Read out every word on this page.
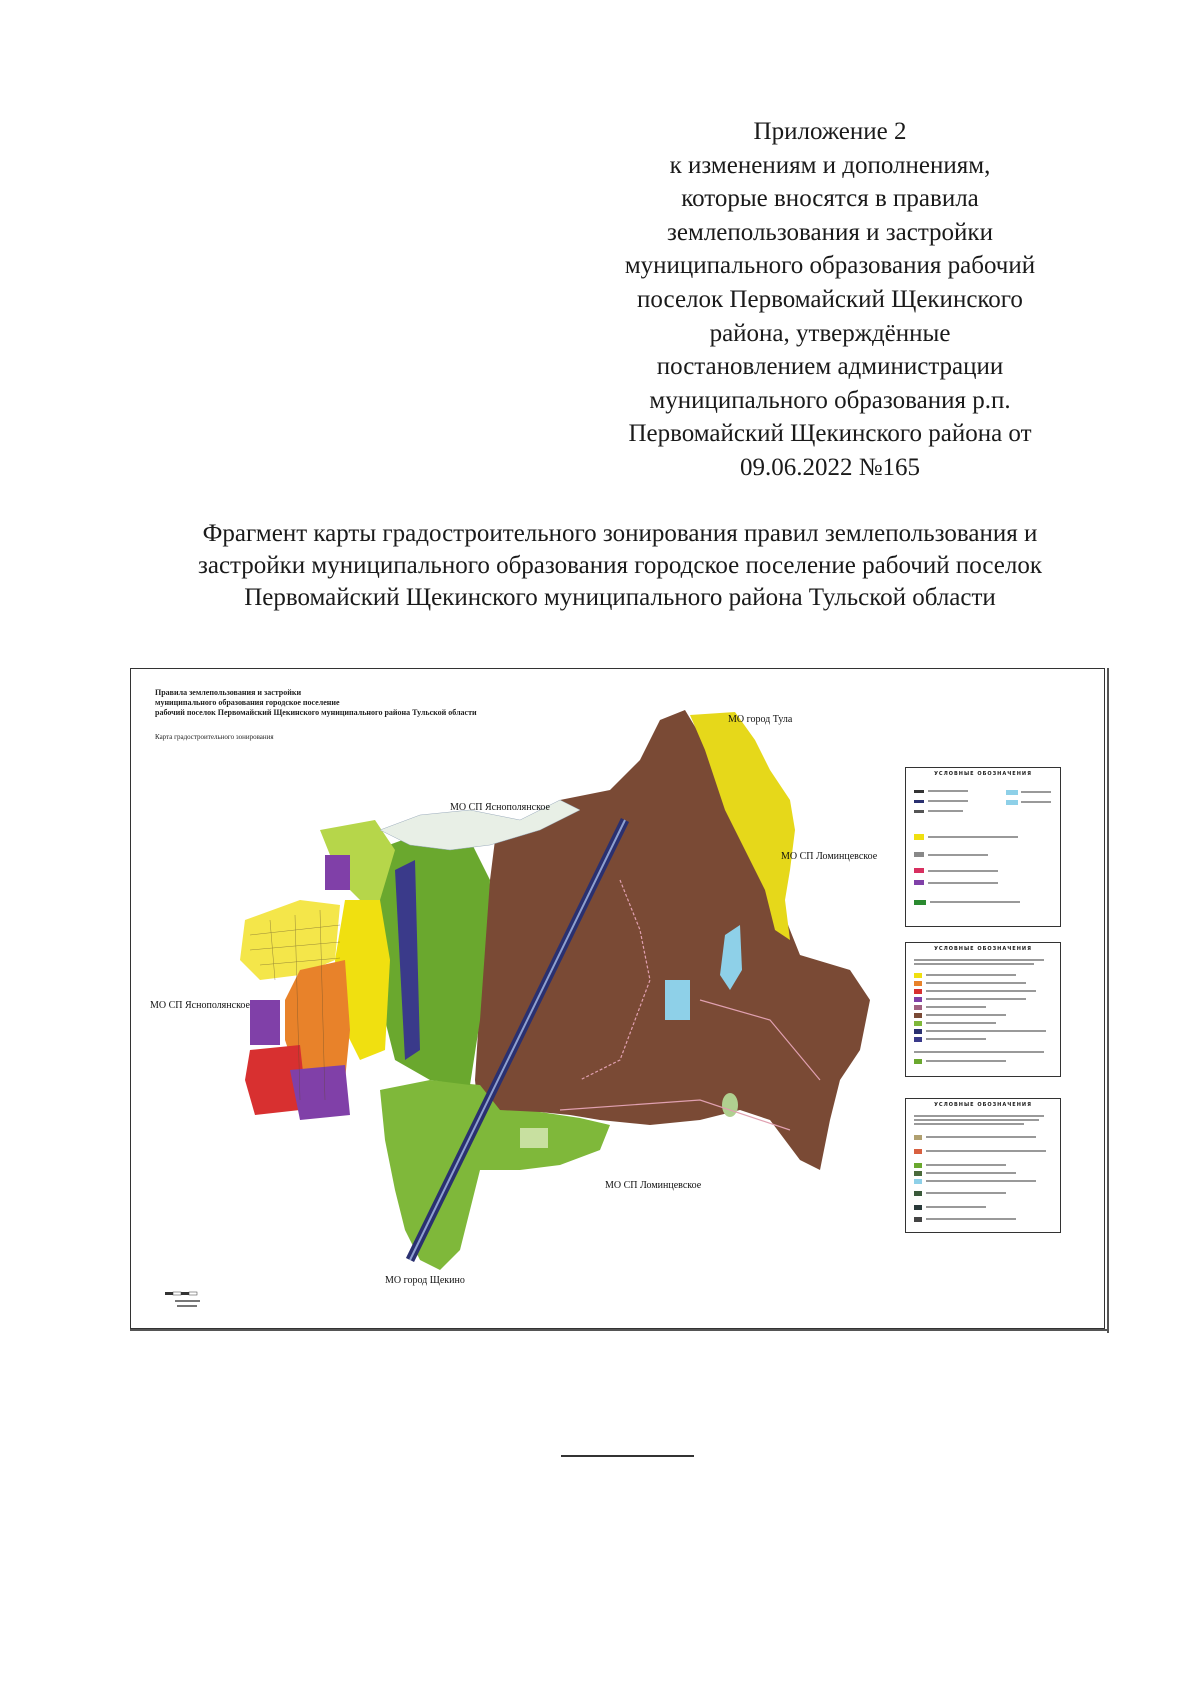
Приложение 2
к изменениям и дополнениям,
которые вносятся в правила
землепользования и застройки
муниципального образования рабочий
поселок Первомайский Щекинского
района, утверждённые
постановлением администрации
муниципального образования р.п.
Первомайский Щекинского района от
09.06.2022 №165
Фрагмент карты градостроительного зонирования правил землепользования и
застройки муниципального образования городское поселение рабочий поселок
Первомайский Щекинского муниципального района Тульской области
Правила землепользования и застройки
муниципального образования городское поселение
рабочий поселок Первомайский Щекинского муниципального района Тульской области
Карта градостроительного зонирования
МО город Тула
МО СП Яснополянское
МО СП Ломинцевское
МО СП Яснополянское
МО СП Ломинцевское
МО город Щекино
УСЛОВНЫЕ ОБОЗНАЧЕНИЯ
УСЛОВНЫЕ ОБОЗНАЧЕНИЯ
УСЛОВНЫЕ ОБОЗНАЧЕНИЯ
